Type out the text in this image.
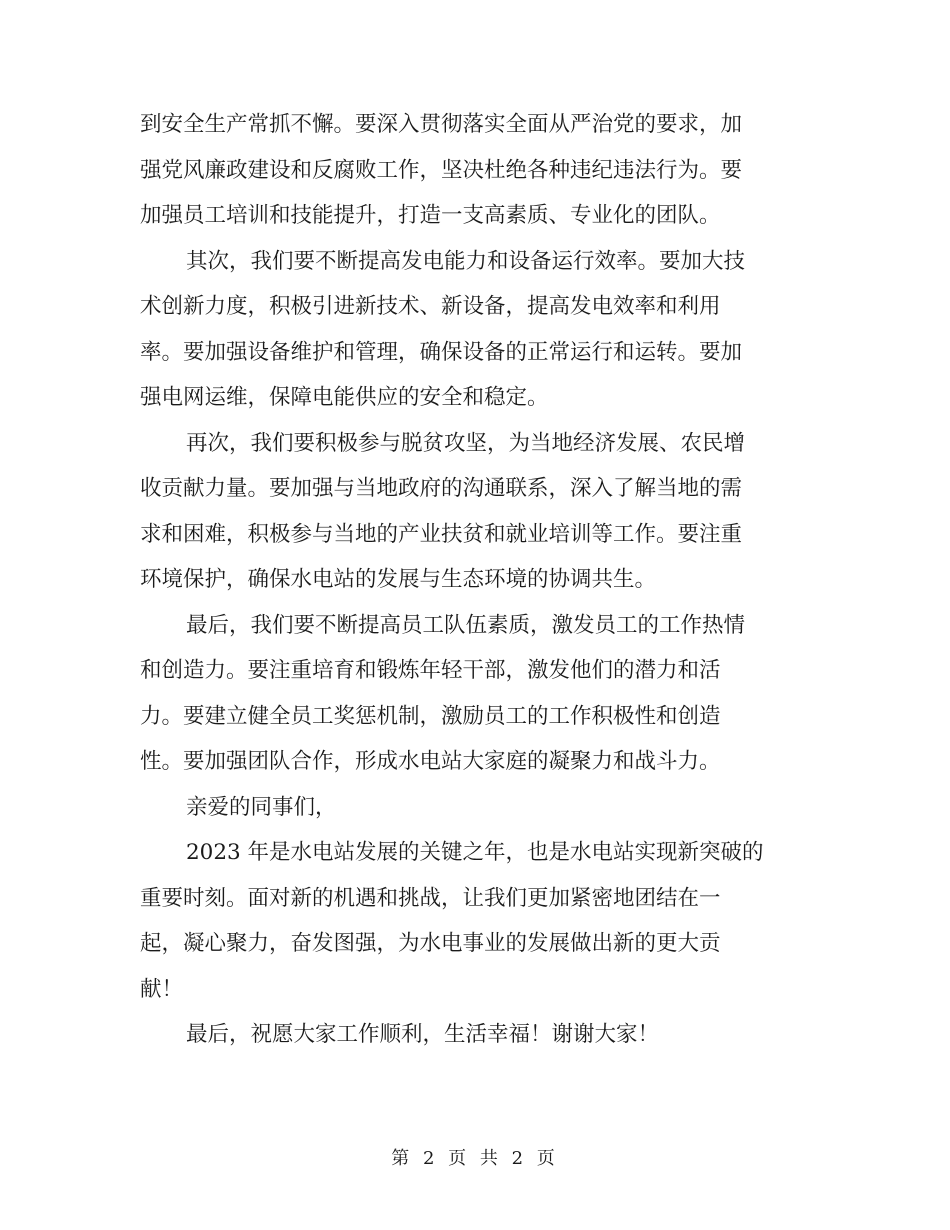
到安全生产常抓不懈。要深入贯彻落实全面从严治党的要求，加
强党风廉政建设和反腐败工作，坚决杜绝各种违纪违法行为。要
加强员工培训和技能提升，打造一支高素质、专业化的团队。
其次，我们要不断提高发电能力和设备运行效率。要加大技
术创新力度，积极引进新技术、新设备，提高发电效率和利用
率。要加强设备维护和管理，确保设备的正常运行和运转。要加
强电网运维，保障电能供应的安全和稳定。
再次，我们要积极参与脱贫攻坚，为当地经济发展、农民增
收贡献力量。要加强与当地政府的沟通联系，深入了解当地的需
求和困难，积极参与当地的产业扶贫和就业培训等工作。要注重
环境保护，确保水电站的发展与生态环境的协调共生。
最后，我们要不断提高员工队伍素质，激发员工的工作热情
和创造力。要注重培育和锻炼年轻干部，激发他们的潜力和活
力。要建立健全员工奖惩机制，激励员工的工作积极性和创造
性。要加强团队合作，形成水电站大家庭的凝聚力和战斗力。
亲爱的同事们，
2023 年是水电站发展的关键之年，也是水电站实现新突破的
重要时刻。面对新的机遇和挑战，让我们更加紧密地团结在一
起，凝心聚力，奋发图强，为水电事业的发展做出新的更大贡
献！
最后，祝愿大家工作顺利，生活幸福！谢谢大家！
第 2 页 共 2 页
